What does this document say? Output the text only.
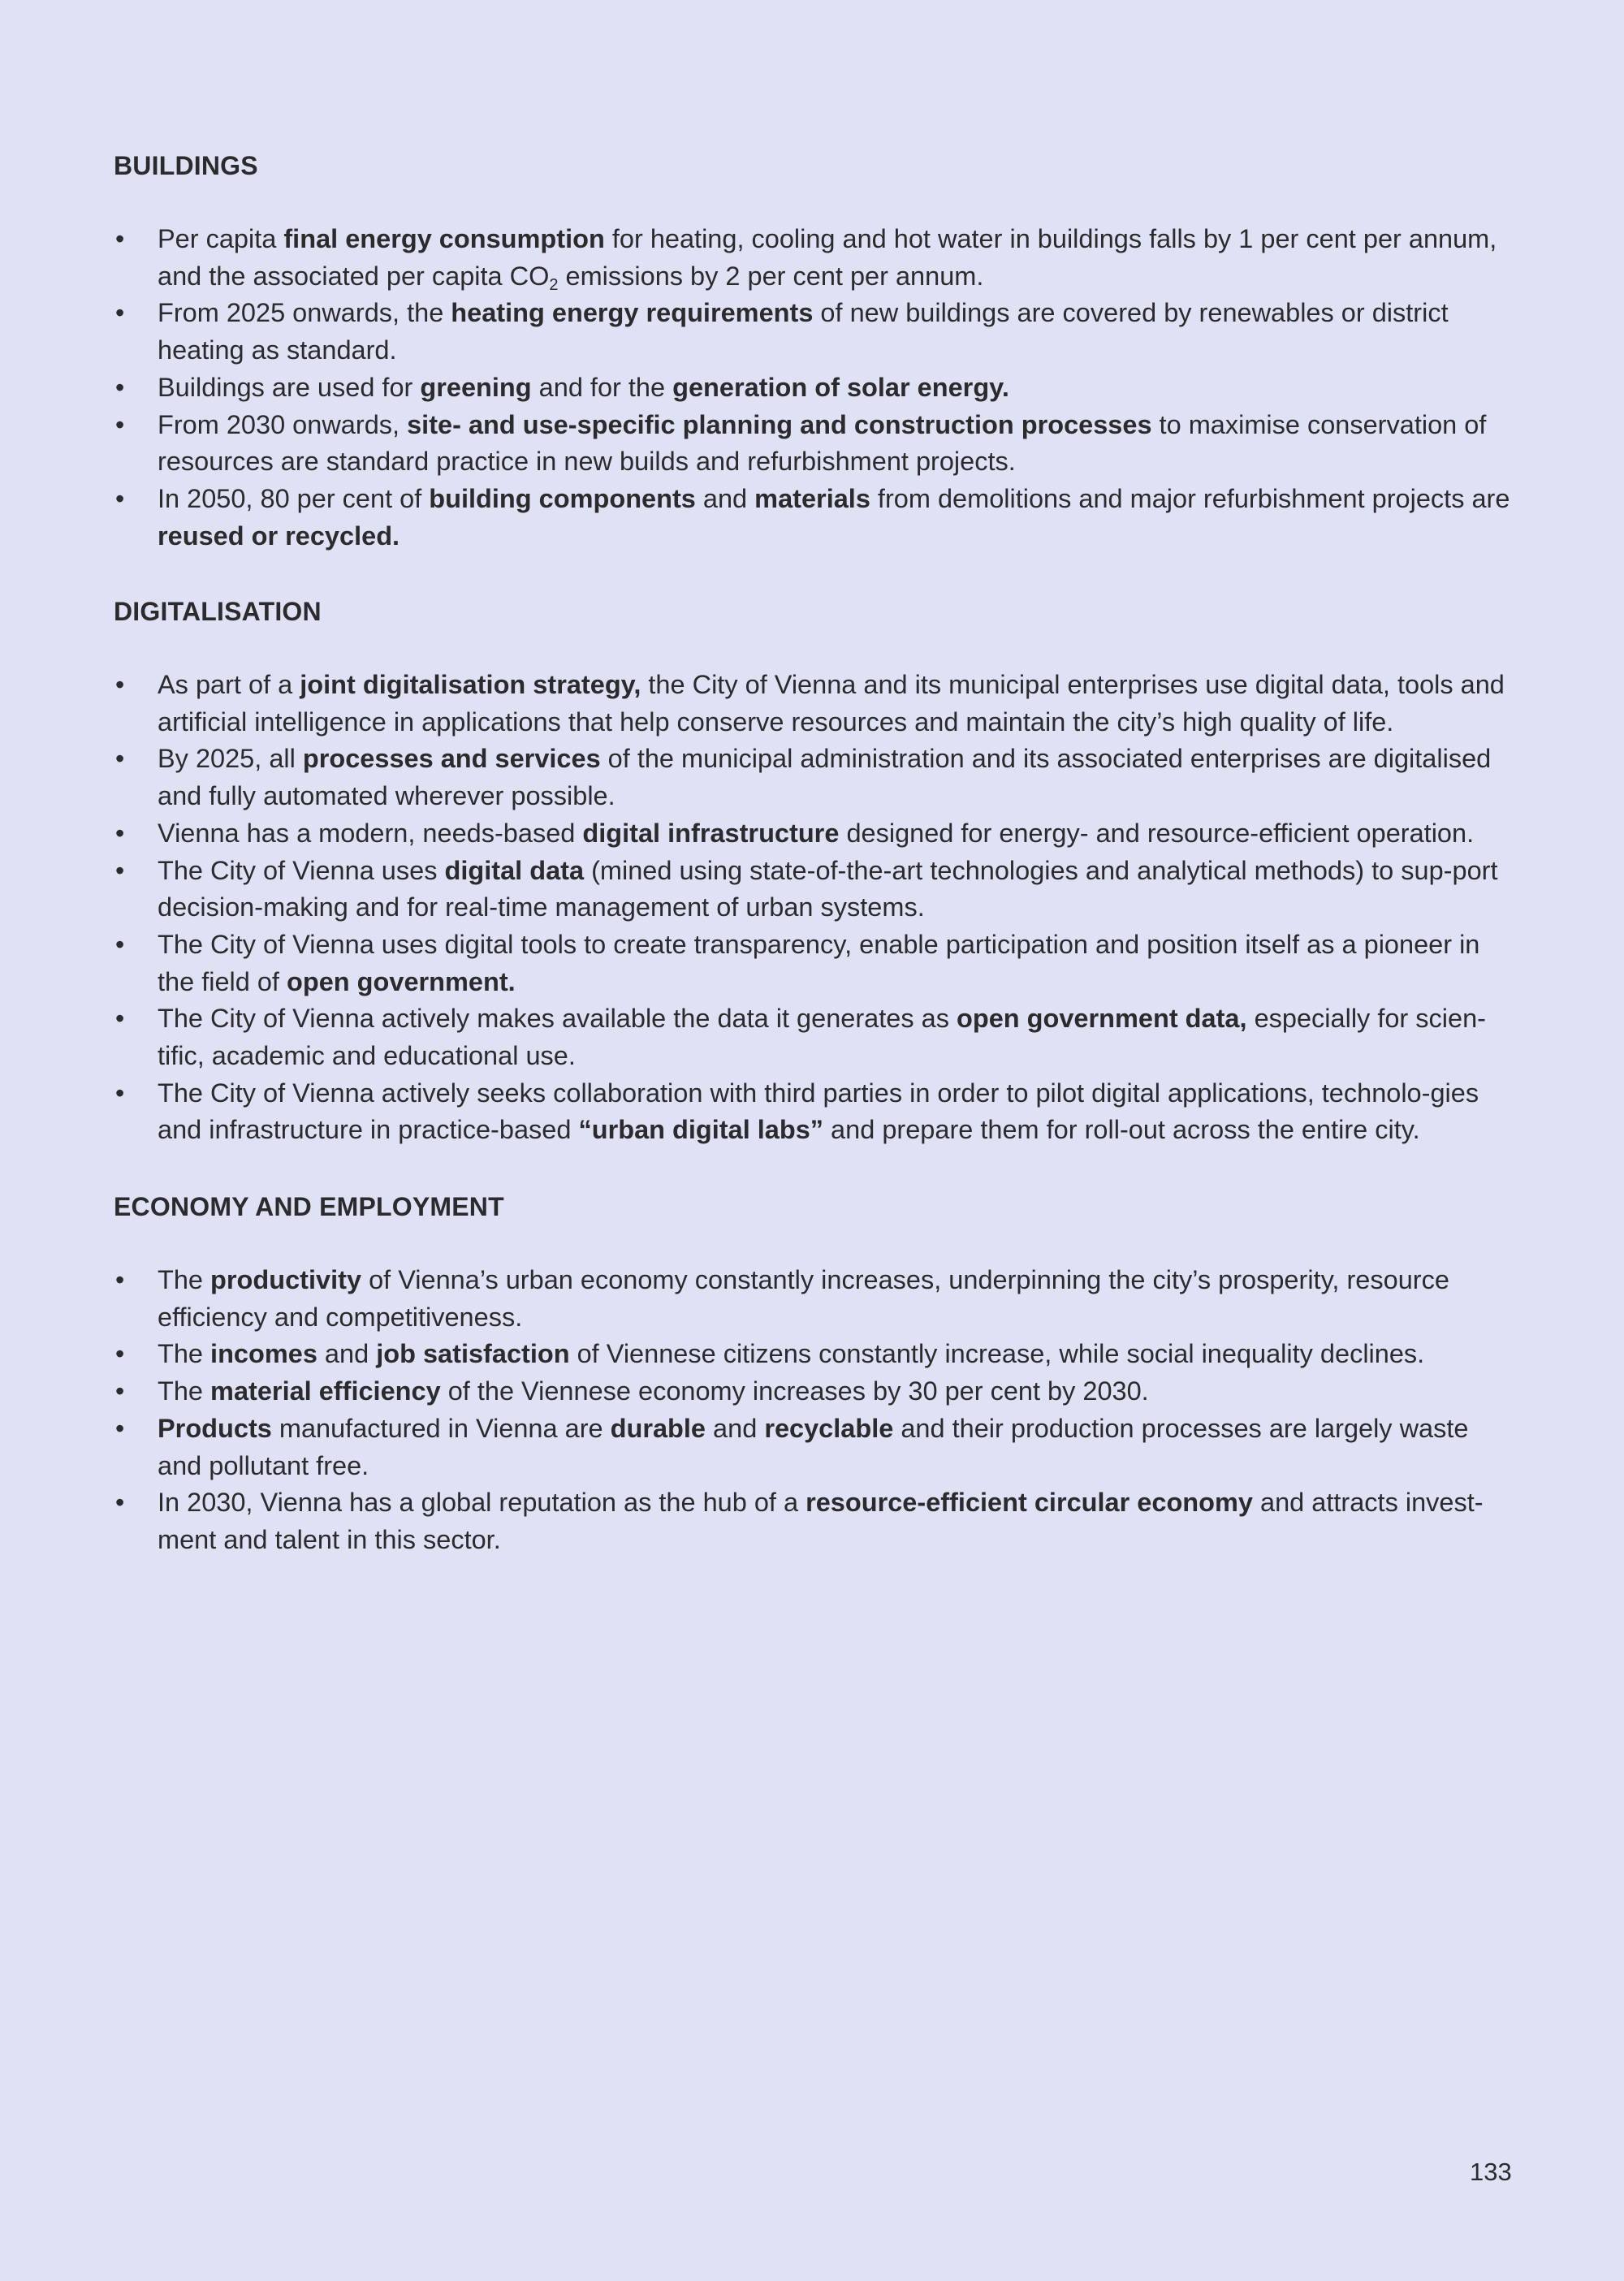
BUILDINGS
• Per capita final energy consumption for heating, cooling and hot water in buildings falls by 1 per cent per annum, and the associated per capita $CO_2$ emissions by 2 per cent per annum.
• From 2025 onwards, the heating energy requirements of new buildings are covered by renewables or district heating as standard.
• Buildings are used for greening and for the generation of solar energy.
• From 2030 onwards, site- and use-specific planning and construction processes to maximise conservation of resources are standard practice in new builds and refurbishment projects.
• In 2050, 80 per cent of building components and materials from demolitions and major refurbishment projects are reused or recycled.
DIGITALISATION
• As part of a joint digitalisation strategy, the City of Vienna and its municipal enterprises use digital data, tools and artificial intelligence in applications that help conserve resources and maintain the city’s high quality of life.
• By 2025, all processes and services of the municipal administration and its associated enterprises are digitalised and fully automated wherever possible.
• Vienna has a modern, needs-based digital infrastructure designed for energy- and resource-efficient operation.
• The City of Vienna uses digital data (mined using state-of-the-art technologies and analytical methods) to sup-port decision-making and for real-time management of urban systems.
• The City of Vienna uses digital tools to create transparency, enable participation and position itself as a pioneer in the field of open government.
• The City of Vienna actively makes available the data it generates as open government data, especially for scien-tific, academic and educational use.
• The City of Vienna actively seeks collaboration with third parties in order to pilot digital applications, technolo-gies and infrastructure in practice-based “urban digital labs” and prepare them for roll-out across the entire city.
ECONOMY AND EMPLOYMENT
• The productivity of Vienna’s urban economy constantly increases, underpinning the city’s prosperity, resource efficiency and competitiveness.
• The incomes and job satisfaction of Viennese citizens constantly increase, while social inequality declines.
• The material efficiency of the Viennese economy increases by 30 per cent by 2030.
• Products manufactured in Vienna are durable and recyclable and their production processes are largely waste and pollutant free.
• In 2030, Vienna has a global reputation as the hub of a resource-efficient circular economy and attracts invest-ment and talent in this sector.
133
